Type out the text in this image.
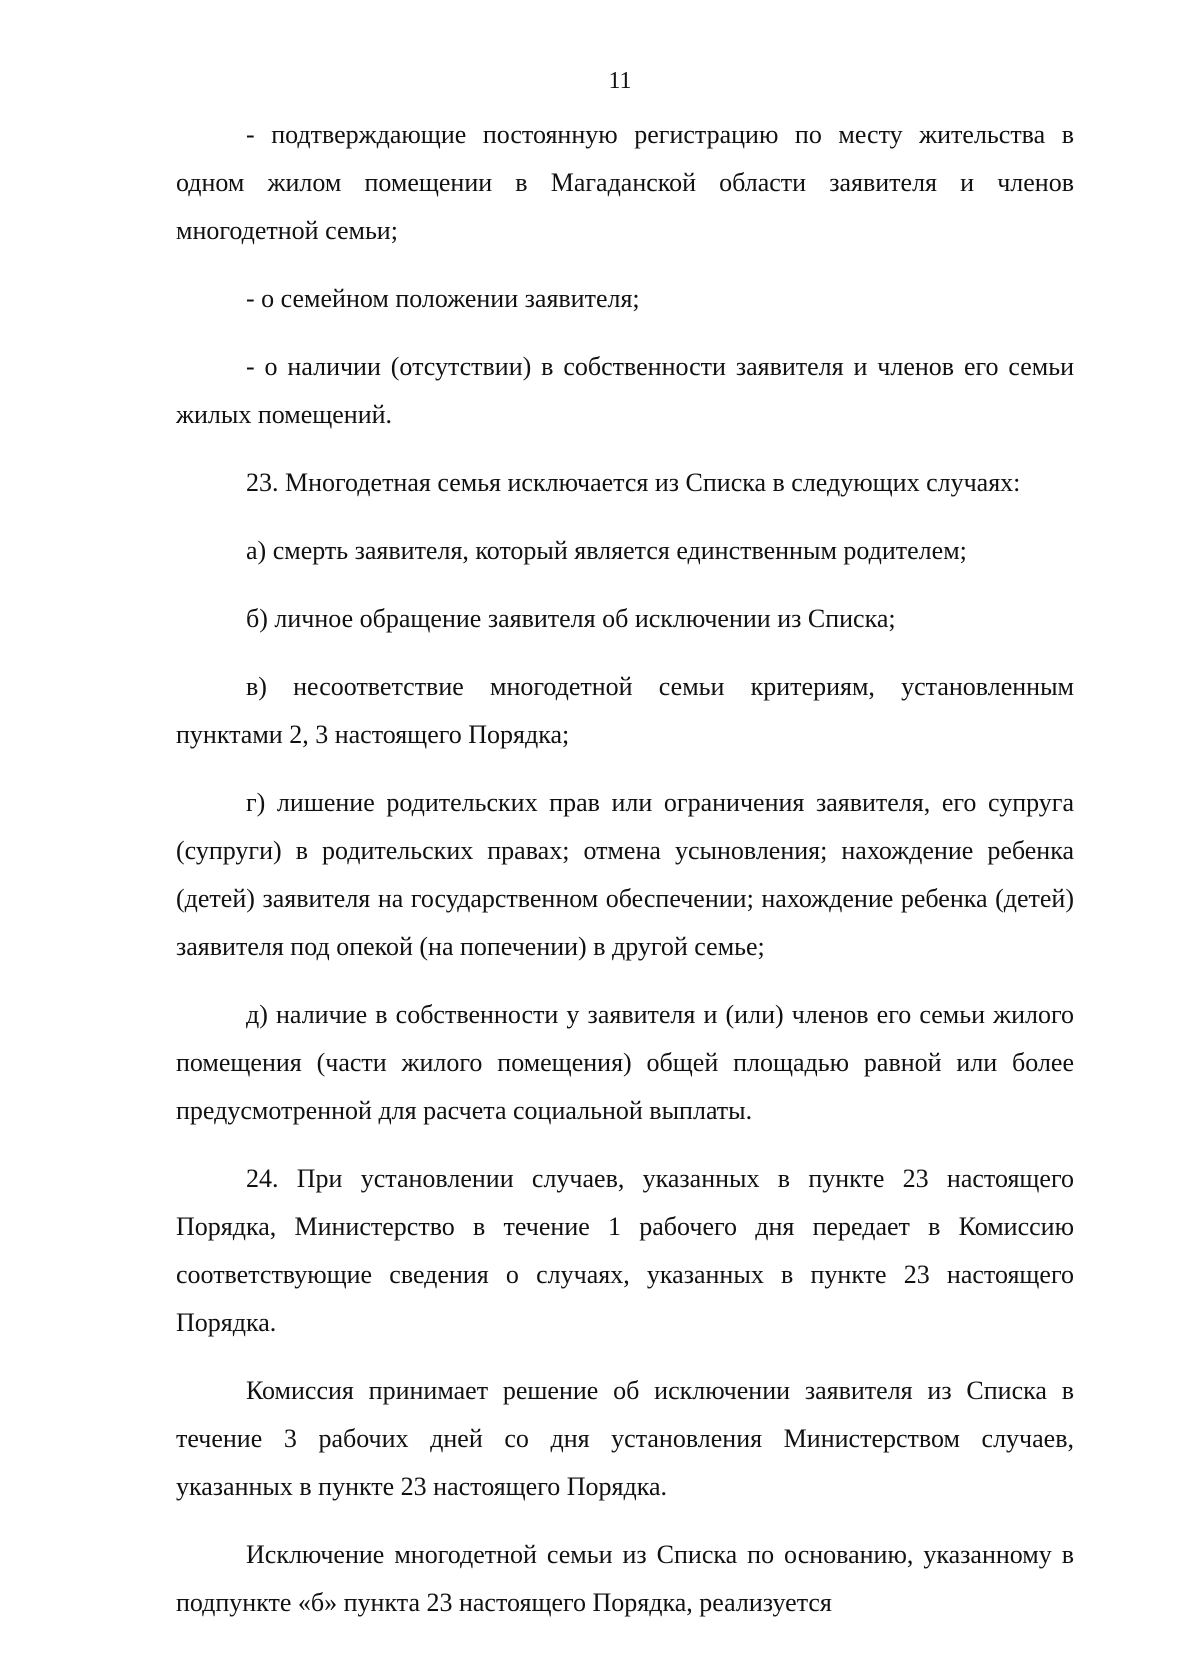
11

- подтверждающие постоянную регистрацию по месту жительства в одном жилом помещении в Магаданской области заявителя и членов многодетной семьи;

- о семейном положении заявителя;

- о наличии (отсутствии) в собственности заявителя и членов его семьи жилых помещений.

23. Многодетная семья исключается из Списка в следующих случаях:

а) смерть заявителя, который является единственным родителем;

б) личное обращение заявителя об исключении из Списка;

в) несоответствие многодетной семьи критериям, установленным пунктами 2, 3 настоящего Порядка;

г) лишение родительских прав или ограничения заявителя, его супруга (супруги) в родительских правах; отмена усыновления; нахождение ребенка (детей) заявителя на государственном обеспечении; нахождение ребенка (детей) заявителя под опекой (на попечении) в другой семье;

д) наличие в собственности у заявителя и (или) членов его семьи жилого помещения (части жилого помещения) общей площадью равной или более предусмотренной для расчета социальной выплаты.

24. При установлении случаев, указанных в пункте 23 настоящего Порядка, Министерство в течение 1 рабочего дня передает в Комиссию соответствующие сведения о случаях, указанных в пункте 23 настоящего Порядка.

Комиссия принимает решение об исключении заявителя из Списка в течение 3 рабочих дней со дня установления Министерством случаев, указанных в пункте 23 настоящего Порядка.

Исключение многодетной семьи из Списка по основанию, указанному в подпункте «б» пункта 23 настоящего Порядка, реализуется
